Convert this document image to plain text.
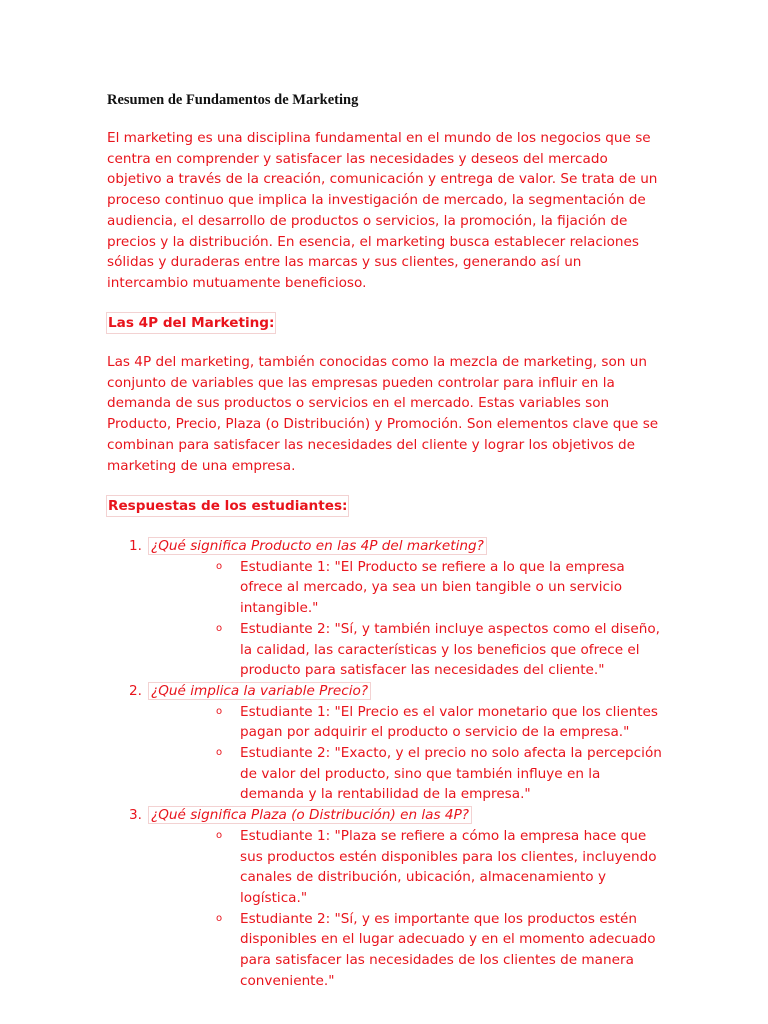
Resumen de Fundamentos de Marketing

El marketing es una disciplina fundamental en el mundo de los negocios que se centra en comprender y satisfacer las necesidades y deseos del mercado objetivo a través de la creación, comunicación y entrega de valor. Se trata de un proceso continuo que implica la investigación de mercado, la segmentación de audiencia, el desarrollo de productos o servicios, la promoción, la fijación de precios y la distribución. En esencia, el marketing busca establecer relaciones sólidas y duraderas entre las marcas y sus clientes, generando así un intercambio mutuamente beneficioso.

Las 4P del Marketing:

Las 4P del marketing, también conocidas como la mezcla de marketing, son un conjunto de variables que las empresas pueden controlar para influir en la demanda de sus productos o servicios en el mercado. Estas variables son Producto, Precio, Plaza (o Distribución) y Promoción. Son elementos clave que se combinan para satisfacer las necesidades del cliente y lograr los objetivos de marketing de una empresa.

Respuestas de los estudiantes:
1. ¿Qué significa Producto en las 4P del marketing?
o Estudiante 1: "El Producto se refiere a lo que la empresa ofrece al mercado, ya sea un bien tangible o un servicio intangible."
o Estudiante 2: "Sí, y también incluye aspectos como el diseño, la calidad, las características y los beneficios que ofrece el producto para satisfacer las necesidades del cliente."
2. ¿Qué implica la variable Precio?
o Estudiante 1: "El Precio es el valor monetario que los clientes pagan por adquirir el producto o servicio de la empresa."
o Estudiante 2: "Exacto, y el precio no solo afecta la percepción de valor del producto, sino que también influye en la demanda y la rentabilidad de la empresa."
3. ¿Qué significa Plaza (o Distribución) en las 4P?
o Estudiante 1: "Plaza se refiere a cómo la empresa hace que sus productos estén disponibles para los clientes, incluyendo canales de distribución, ubicación, almacenamiento y logística."
o Estudiante 2: "Sí, y es importante que los productos estén disponibles en el lugar adecuado y en el momento adecuado para satisfacer las necesidades de los clientes de manera conveniente."
